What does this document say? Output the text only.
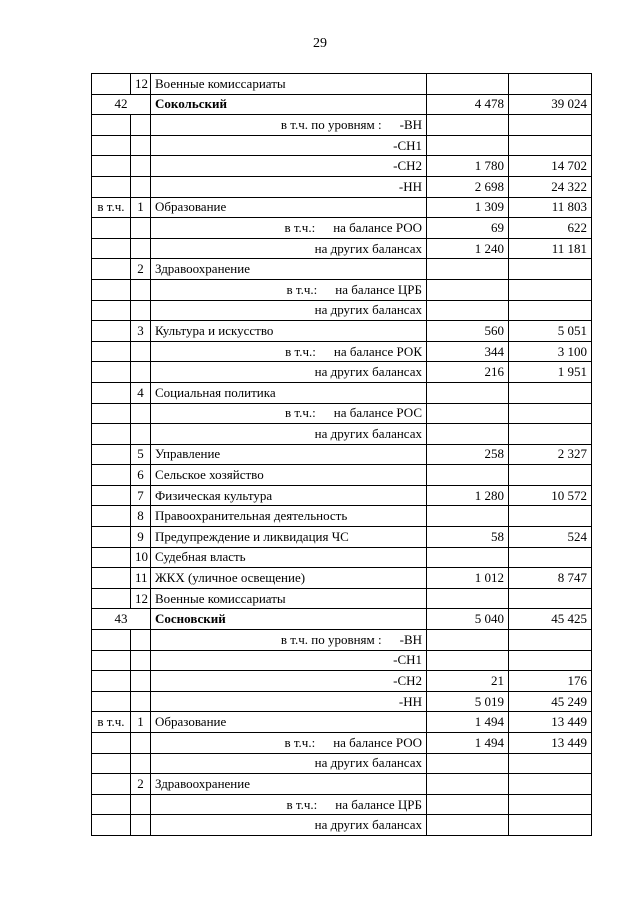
29
	12	Военные комиссариаты		
42		Сокольский	4 478	39 024

		в т.ч. по уровням : -ВН		

		-СН1		

		-СН2	1 780	14 702

		-НН	2 698	24 322
в т.ч.	1	Образование	1 309	11 803

		в т.ч.: на балансе РОО	69	622

		на других балансах	1 240	11 181
	2	Здравоохранение		

		в т.ч.: на балансе ЦРБ		

		на других балансах		

	3	Культура и искусство	560	5 051

		в т.ч.: на балансе РОК	344	3 100

		на других балансах	216	1 951
	4	Социальная политика		

		в т.ч.: на балансе РОС		

		на других балансах		

	5	Управление	258	2 327
	6	Сельское хозяйство		
	7	Физическая культура	1 280	10 572
	8	Правоохранительная деятельность		
	9	Предупреждение и ликвидация ЧС	58	524
	10	Судебная власть		
	11	ЖКХ (уличное освещение)	1 012	8 747
	12	Военные комиссариаты		
43		Сосновский	5 040	45 425

		в т.ч. по уровням : -ВН		

		-СН1		

		-СН2	21	176

		-НН	5 019	45 249
в т.ч.	1	Образование	1 494	13 449

		в т.ч.: на балансе РОО	1 494	13 449

		на других балансах		

	2	Здравоохранение		

		в т.ч.: на балансе ЦРБ		

		на других балансах		
